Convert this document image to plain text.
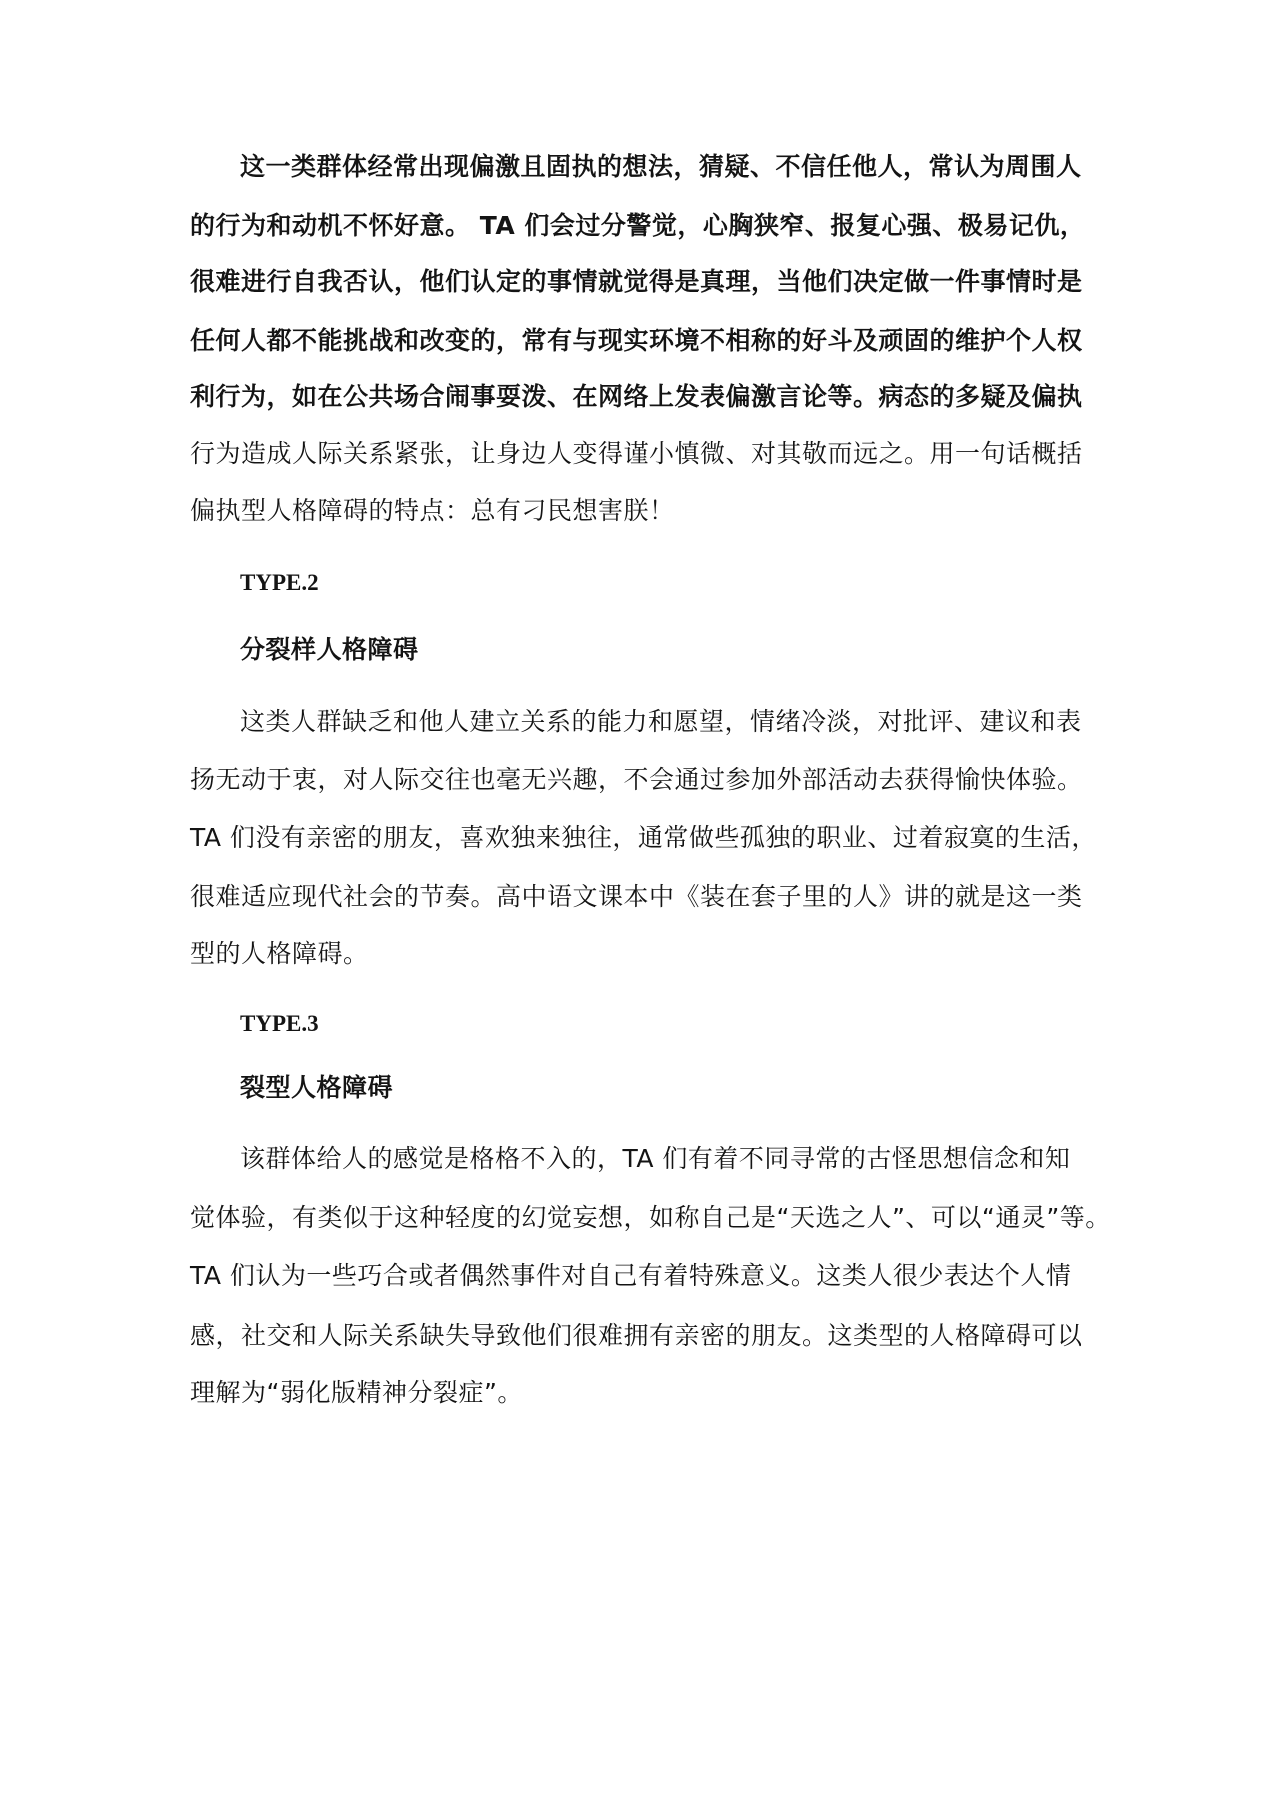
这一类群体经常出现偏激且固执的想法，猜疑、不信任他人，常认为周围人
的行为和动机不怀好意。 TA 们会过分警觉，心胸狭窄、报复心强、极易记仇，
很难进行自我否认，他们认定的事情就觉得是真理，当他们决定做一件事情时是
任何人都不能挑战和改变的，常有与现实环境不相称的好斗及顽固的维护个人权
利行为，如在公共场合闹事耍泼、在网络上发表偏激言论等。病态的多疑及偏执
行为造成人际关系紧张，让身边人变得谨小慎微、对其敬而远之。用一句话概括
偏执型人格障碍的特点：总有刁民想害朕！
TYPE.2
分裂样人格障碍
这类人群缺乏和他人建立关系的能力和愿望，情绪冷淡，对批评、建议和表
扬无动于衷，对人际交往也毫无兴趣，不会通过参加外部活动去获得愉快体验。
TA 们没有亲密的朋友，喜欢独来独往，通常做些孤独的职业、过着寂寞的生活，
很难适应现代社会的节奏。高中语文课本中《装在套子里的人》讲的就是这一类
型的人格障碍。
TYPE.3
裂型人格障碍
该群体给人的感觉是格格不入的，TA 们有着不同寻常的古怪思想信念和知
觉体验，有类似于这种轻度的幻觉妄想，如称自己是“天选之人”、可以“通灵”等。
TA 们认为一些巧合或者偶然事件对自己有着特殊意义。这类人很少表达个人情
感，社交和人际关系缺失导致他们很难拥有亲密的朋友。这类型的人格障碍可以
理解为“弱化版精神分裂症”。
